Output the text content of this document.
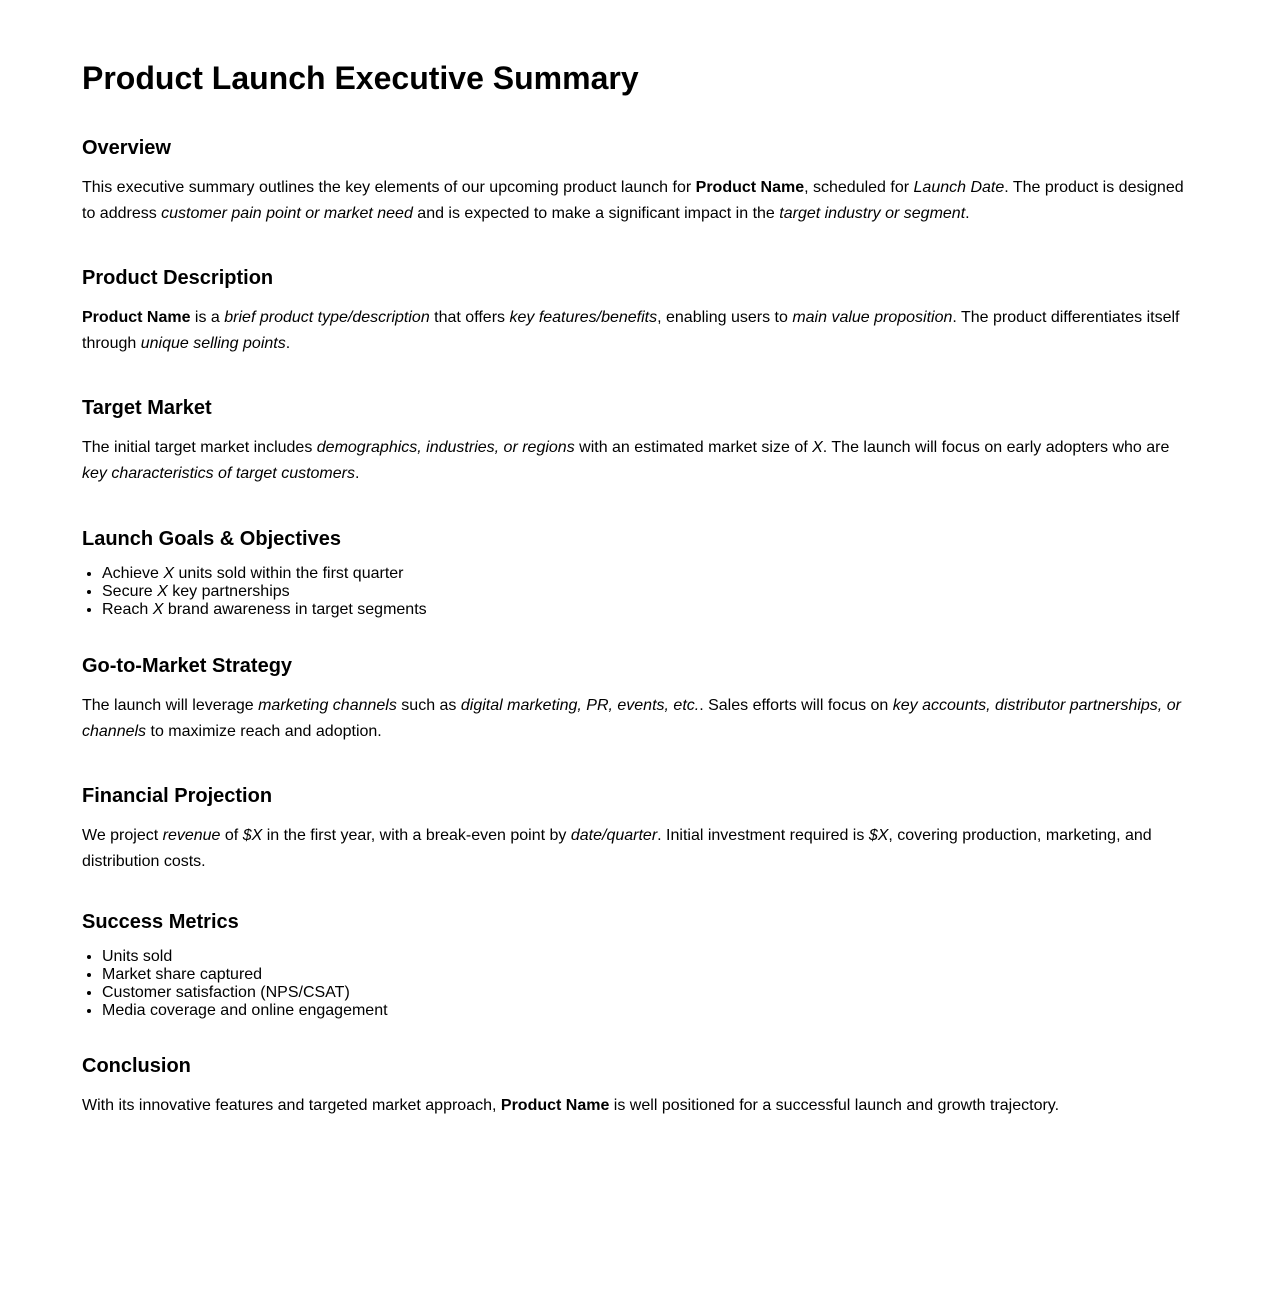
Product Launch Executive Summary
Overview

This executive summary outlines the key elements of our upcoming product launch for Product Name, scheduled for Launch Date. The product is designed to address customer pain point or market need and is expected to make a significant impact in the target industry or segment.

Product Description

Product Name is a brief product type/description that offers key features/benefits, enabling users to main value proposition. The product differentiates itself through unique selling points.

Target Market

The initial target market includes demographics, industries, or regions with an estimated market size of X. The launch will focus on early adopters who are key characteristics of target customers.

Launch Goals & Objectives
• Achieve X units sold within the first quarter
• Secure X key partnerships
• Reach X brand awareness in target segments
Go-to-Market Strategy

The launch will leverage marketing channels such as digital marketing, PR, events, etc.. Sales efforts will focus on key accounts, distributor partnerships, or channels to maximize reach and adoption.

Financial Projection

We project revenue of $X in the first year, with a break-even point by date/quarter. Initial investment required is $X, covering production, marketing, and distribution costs.

Success Metrics
• Units sold
• Market share captured
• Customer satisfaction (NPS/CSAT)
• Media coverage and online engagement
Conclusion

With its innovative features and targeted market approach, Product Name is well positioned for a successful launch and growth trajectory.
